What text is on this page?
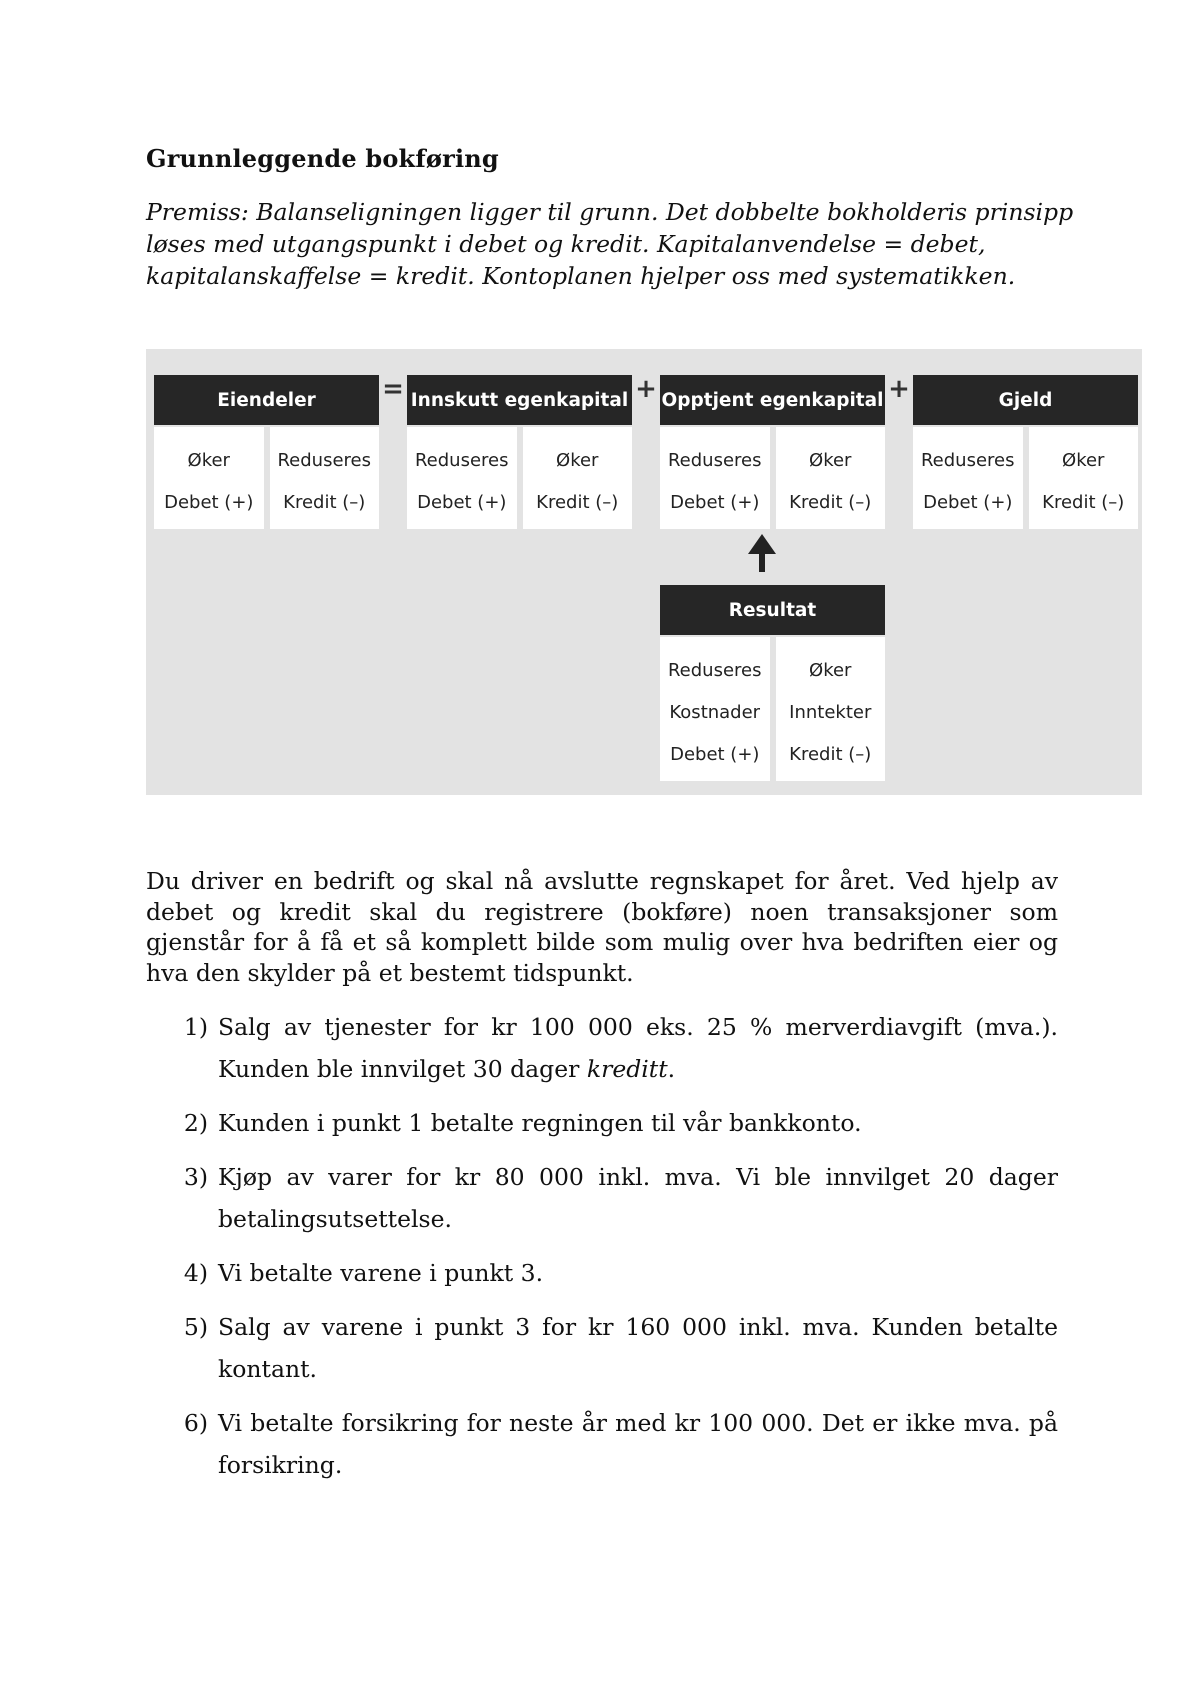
Grunnleggende bokføring
Premiss: Balanseligningen ligger til grunn. Det dobbelte bokholderis prinsipp løses med utgangspunkt i debet og kredit. Kapitalanvendelse = debet, kapitalanskaffelse = kredit. Kontoplanen hjelper oss med systematikken.
Eiendeler
Øker
Debet (+)
Reduseres
Kredit (–)
= Innskutt egenkapital
Reduseres
Debet (+)
Øker
Kredit (–)
+ Opptjent egenkapital
Reduseres
Debet (+)
Øker
Kredit (–)
+	Gjeld
Reduseres
Debet (+)
Øker
Kredit (–)
Resultat
Reduseres
Kostnader
Debet (+)
Øker
Inntekter
Kredit (–)
Du driver en bedrift og skal nå avslutte regnskapet for året. Ved hjelp av debet og kredit skal du registrere (bokføre) noen transaksjoner som gjenstår for å få et så komplett bilde som mulig over hva bedriften eier og hva den skylder på et bestemt tidspunkt.
1) Salg av tjenester for kr 100 000 eks. 25 % merverdiavgift (mva.). Kunden ble innvilget 30 dager kreditt.
2) Kunden i punkt 1 betalte regningen til vår bankkonto.
3) Kjøp av varer for kr 80 000 inkl. mva. Vi ble innvilget 20 dager betalingsutsettelse.
4) Vi betalte varene i punkt 3.
5) Salg av varene i punkt 3 for kr 160 000 inkl. mva. Kunden betalte kontant.
6) Vi betalte forsikring for neste år med kr 100 000. Det er ikke mva. på forsikring.
